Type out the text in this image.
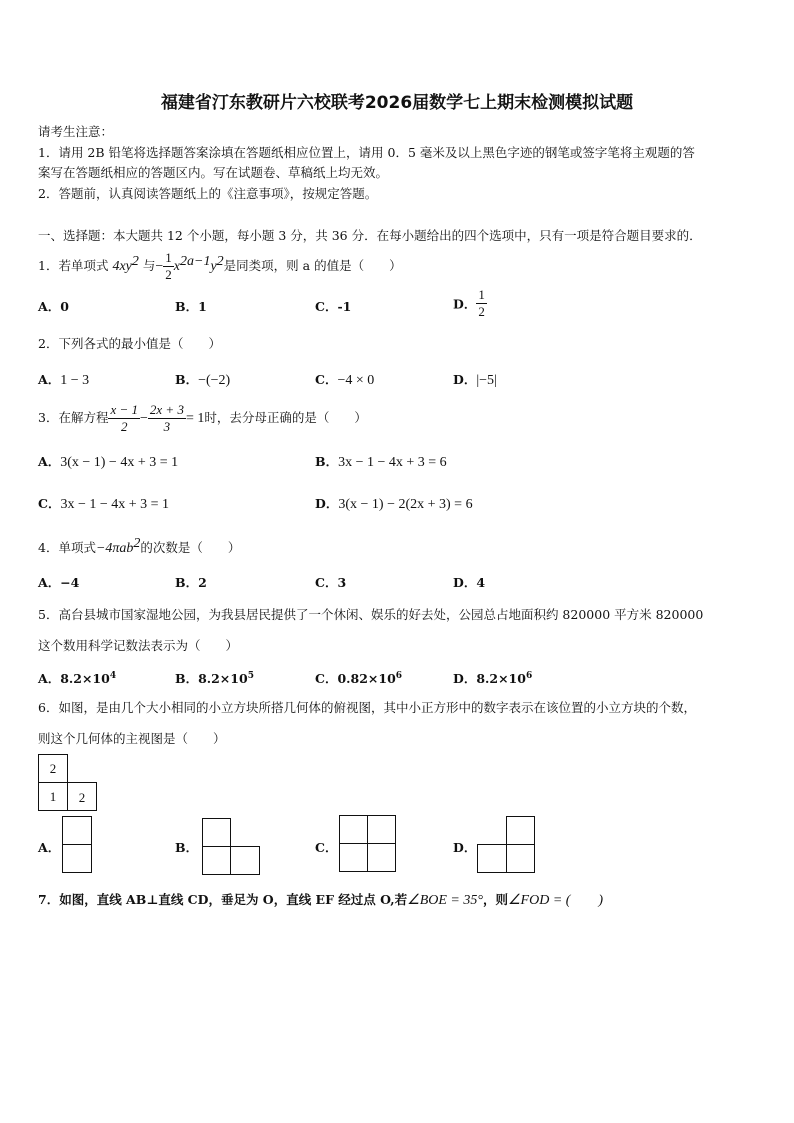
福建省汀东教研片六校联考2026届数学七上期末检测模拟试题
请考生注意：
1．请用 2B 铅笔将选择题答案涂填在答题纸相应位置上，请用 0．5 毫米及以上黑色字迹的钢笔或签字笔将主观题的答
案写在答题纸相应的答题区内。写在试题卷、草稿纸上均无效。
2．答题前，认真阅读答题纸上的《注意事项》，按规定答题。
一、选择题：本大题共 12 个小题，每小题 3 分，共 36 分．在每小题给出的四个选项中，只有一项是符合题目要求的．
1．若单项式 $4xy^2$ 与− $\frac{1}{2} x^{2a-1}y^2$是同类项，则 a 的值是（　　）
A．0	B．1	C．-1	D． $\frac{1}{2}$
2．下列各式的最小值是（　　）
A．1 − 3	B．−(−2)	C．−4 × 0	D．|−5|
3．在解方程 $\frac{x - 1}{2} - \frac{2x + 3}{3} = 1$时，去分母正确的是（　　）
A．3(x − 1) − 4x + 3 = 1	B．3x − 1 − 4x + 3 = 6
C．3x − 1 − 4x + 3 = 1	D．3(x − 1) − 2(2x + 3) = 6
4．单项式−4πab$^2$的次数是（　　）
A．−4	B．2	C．3	D．4
5．高台县城市国家湿地公园，为我县居民提供了一个休闲、娱乐的好去处，公园总占地面积约 820000 平方米 820000
这个数用科学记数法表示为（　　）
A．$8.2\times 10^4$	B．$8.2\times 10^5$	C．$0.82\times 10^6$	D．$8.2\times 10^6$
6．如图，是由几个大小相同的小立方块所搭几何体的俯视图，其中小正方形中的数字表示在该位置的小立方块的个数，
则这个几何体的主视图是（　　）
2
1	2
A．	B．	C．	D．
7．如图，直线 AB⊥直线 CD，垂足为 O，直线 EF 经过点 O,若∠BOE = 35°，则∠FOD = (　　)
